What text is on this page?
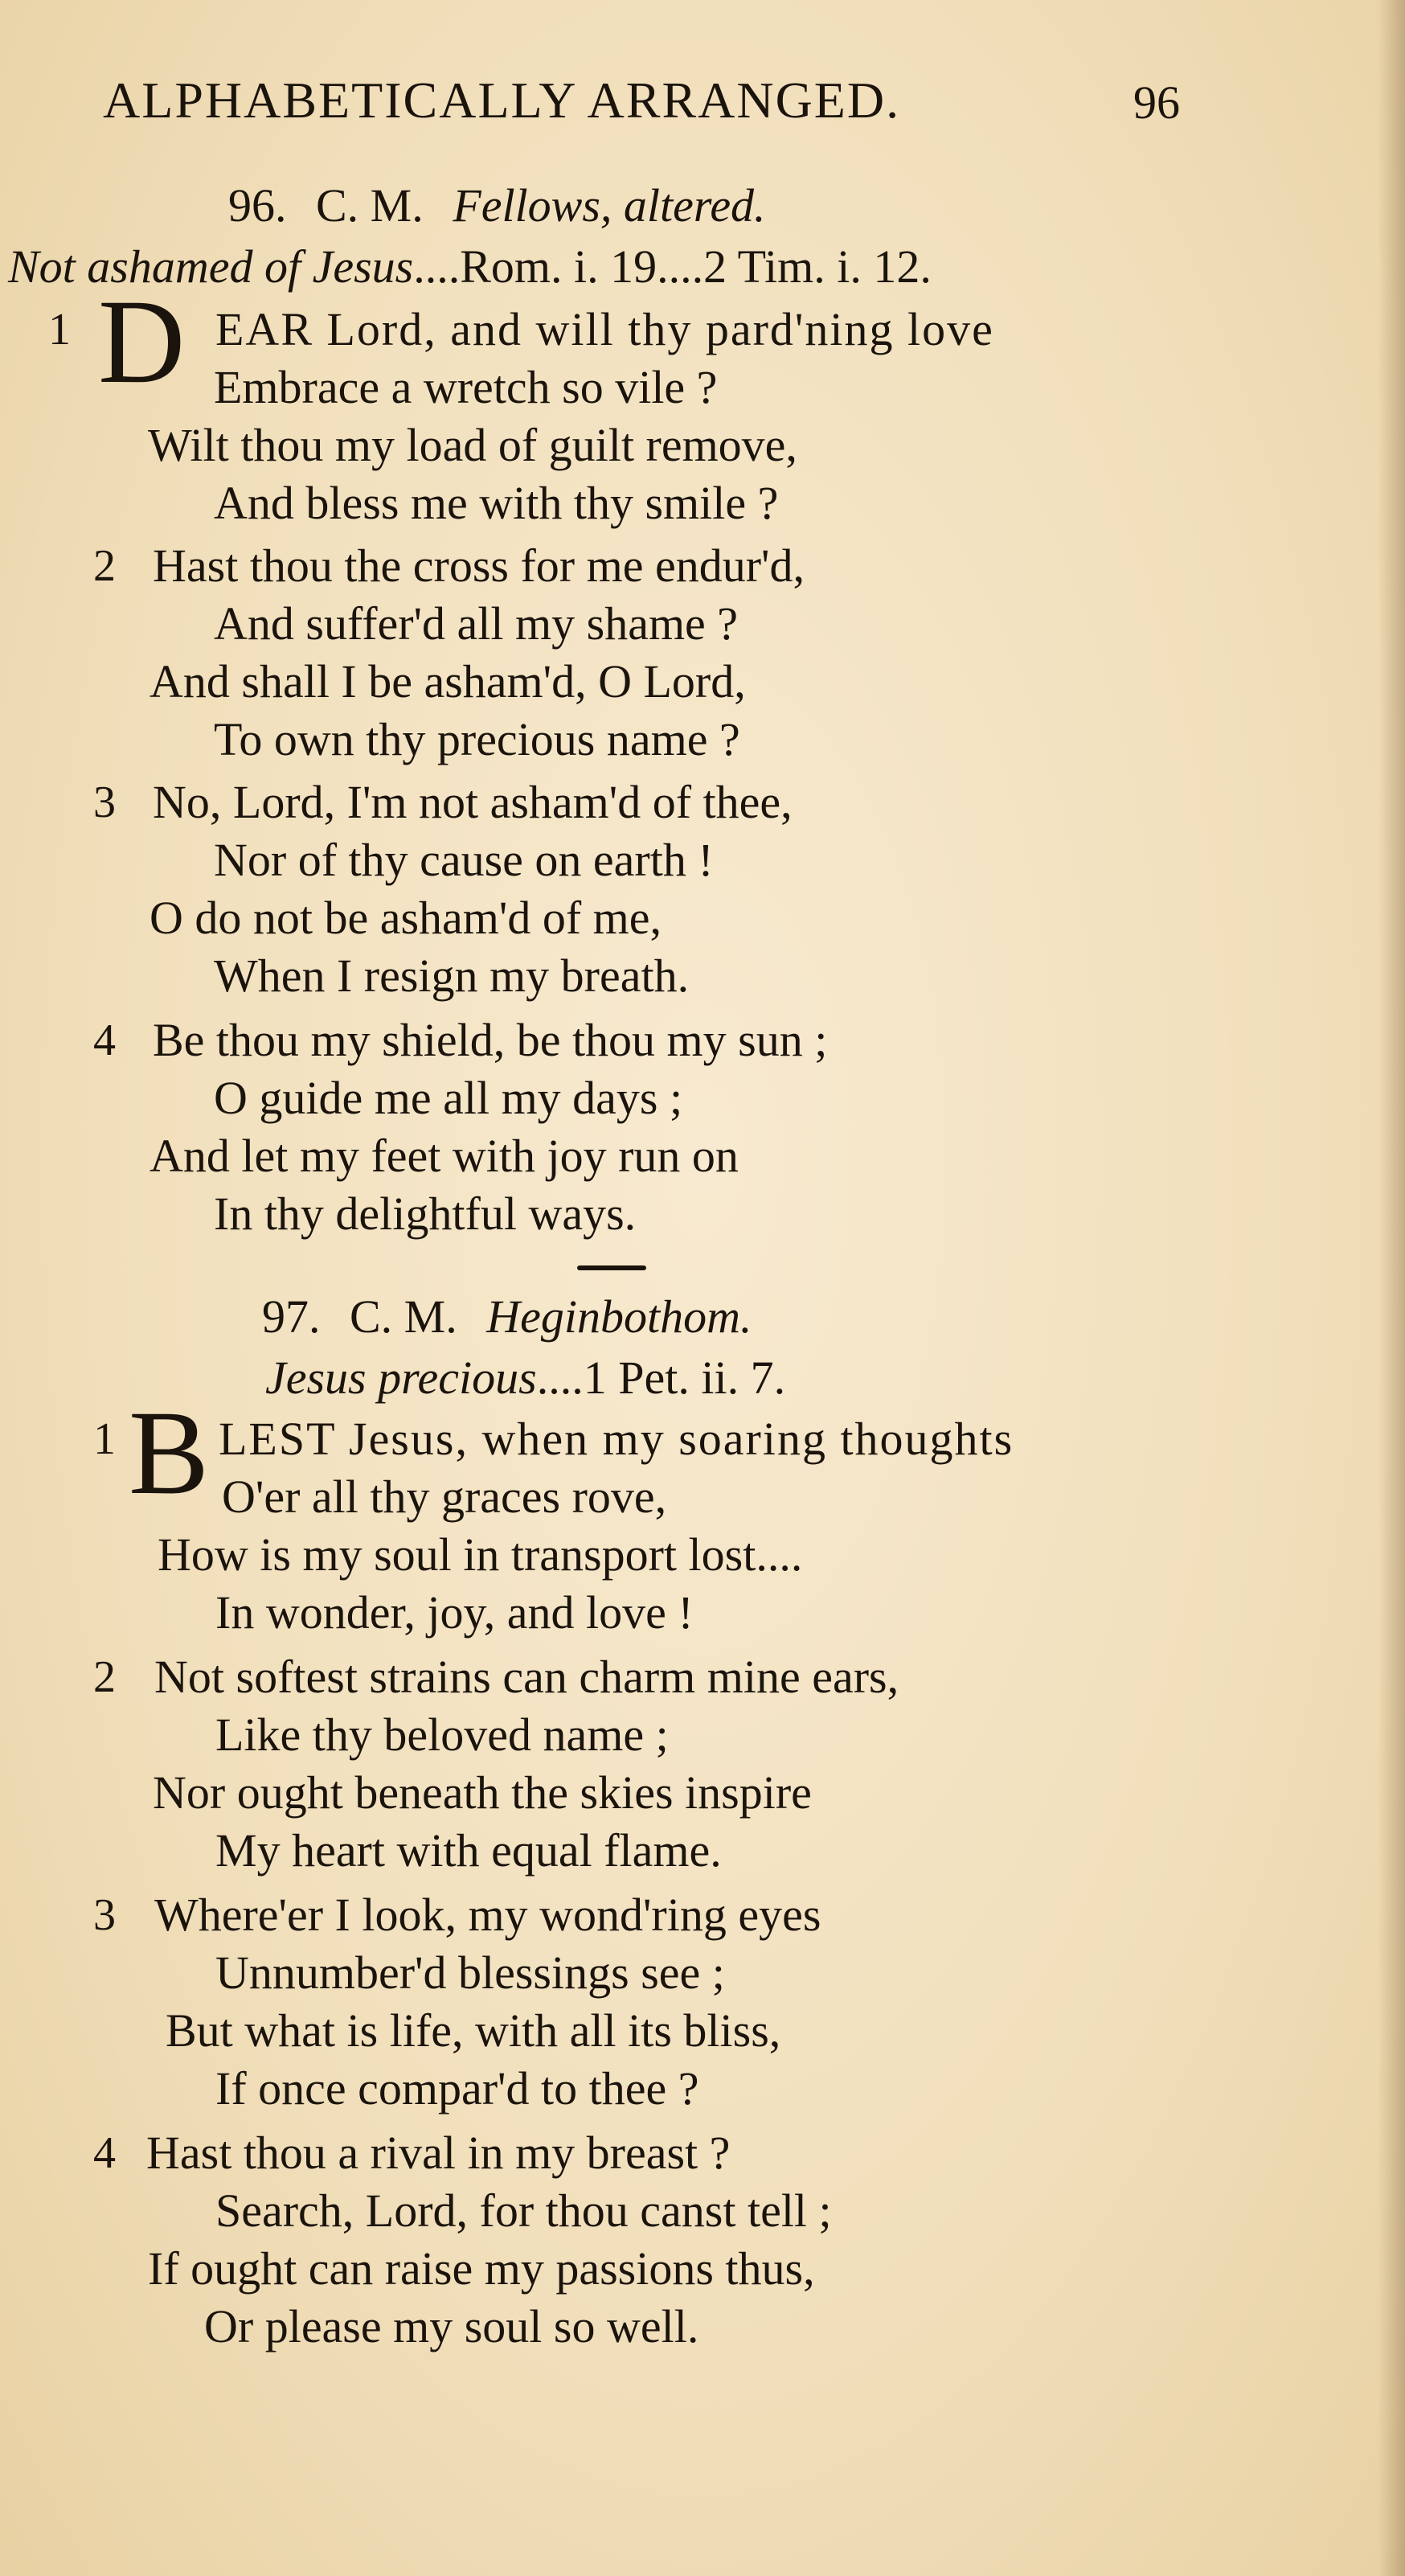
ALPHABETICALLY ARRANGED.	96
96. C. M. Fellows, altered.
Not ashamed of Jesus....Rom. i. 19....2 Tim. i. 12.
1 D EAR Lord, and will thy pard'ning love
Embrace a wretch so vile ?
Wilt thou my load of guilt remove,
And bless me with thy smile ?
2 Hast thou the cross for me endur'd,
And suffer'd all my shame ?
And shall I be asham'd, O Lord,
To own thy precious name ?
3 No, Lord, I'm not asham'd of thee,
Nor of thy cause on earth !
O do not be asham'd of me,
When I resign my breath.
4 Be thou my shield, be thou my sun ;
O guide me all my days ;
And let my feet with joy run on
In thy delightful ways.
97. C. M. Heginbothom.
Jesus precious....1 Pet. ii. 7.
1 B LEST Jesus, when my soaring thoughts
O'er all thy graces rove,
How is my soul in transport lost....
In wonder, joy, and love !
2 Not softest strains can charm mine ears,
Like thy beloved name ;
Nor ought beneath the skies inspire
My heart with equal flame.
3 Where'er I look, my wond'ring eyes
Unnumber'd blessings see ;
But what is life, with all its bliss,
If once compar'd to thee ?
4 Hast thou a rival in my breast ?
Search, Lord, for thou canst tell ;
If ought can raise my passions thus,
Or please my soul so well.
